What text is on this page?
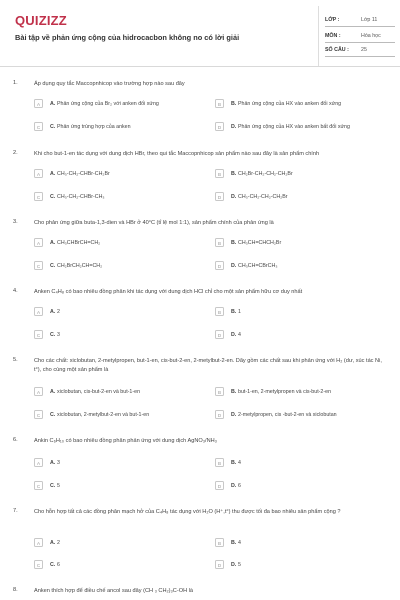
QUIZIZZ
Bài tập về phản ứng cộng của hidrocacbon không no có lời giải
LỚP :	Lớp 11
MÔN :	Hóa học
SỐ CÂU : 25
1.	Áp dụng quy tắc Maccopnhicop vào trường hợp nào sau đây
A	A. Phản ứng cộng của Br₂ với anken đối xứng	B	B. Phản ứng cộng của HX vào anken đối xứng
C	C. Phản ứng trùng hợp của anken	D	D. Phản ứng cộng của HX vào anken bất đối xứng
2.	Khi cho but-1-en tác dụng với dung dịch HBr, theo qui tắc Maccopnhicop sản phẩm nào sau đây là sản phẩm chính
A	A. CH₃-CH₂-CHBr-CH₂Br	B	B. CH₂Br-CH₂-CH₂-CH₂Br
C	C. CH₃-CH₂-CHBr-CH₃	D	D. CH₃-CH₂-CH₂-CH₂Br
3.	Cho phản ứng giữa buta-1,3-dien và HBr ở 40°C (tỉ lệ mol 1:1), sản phẩm chính của phản ứng là
A	A. CH₃CHBrCH=CH₂	B	B. CH₃CH=CHCH₂Br
C	C. CH₂BrCH₂CH=CH₂	D	D. CH₃CH=CBrCH₃
4.	Anken C₄H₈ có bao nhiêu đồng phân khi tác dụng với dung dịch HCl chỉ cho một sản phẩm hữu cơ duy nhất
A	A. 2	B	B. 1
C	C. 3	D	D. 4
5.	Cho các chất: xiclobutan, 2-metylpropen, but-1-en, cis-but-2-en, 2-metylbut-2-en. Dãy gồm các chất sau khi phản ứng với H₂ (dư, xúc tác Ni, t°), cho cùng một sản phẩm là
A	A. xiclobutan, cis-but-2-en và but-1-en	B	B. but-1-en, 2-metylpropen và cis-but-2-en
C	C. xiclobutan, 2-metylbut-2-en và but-1-en	D	D. 2-metylpropen, cis -but-2-en và xiclobutan
6.	Ankin C₆H₁₀ có bao nhiêu đồng phân phản ứng với dung dịch AgNO₃/NH₃
A	A. 3	B	B. 4
C	C. 5	D	D. 6
7.	Cho hỗn hợp tất cả các đồng phân mạch hở của C₄H₈ tác dụng với H₂O (H⁺,t°) thu được tối đa bao nhiêu sản phẩm cộng ?
A	A. 2	B	B. 4
C	C. 6	D	D. 5
8.	Anken thích hợp để điều chế ancol sau đây (CH ₃ CH₂)₃C-OH là
